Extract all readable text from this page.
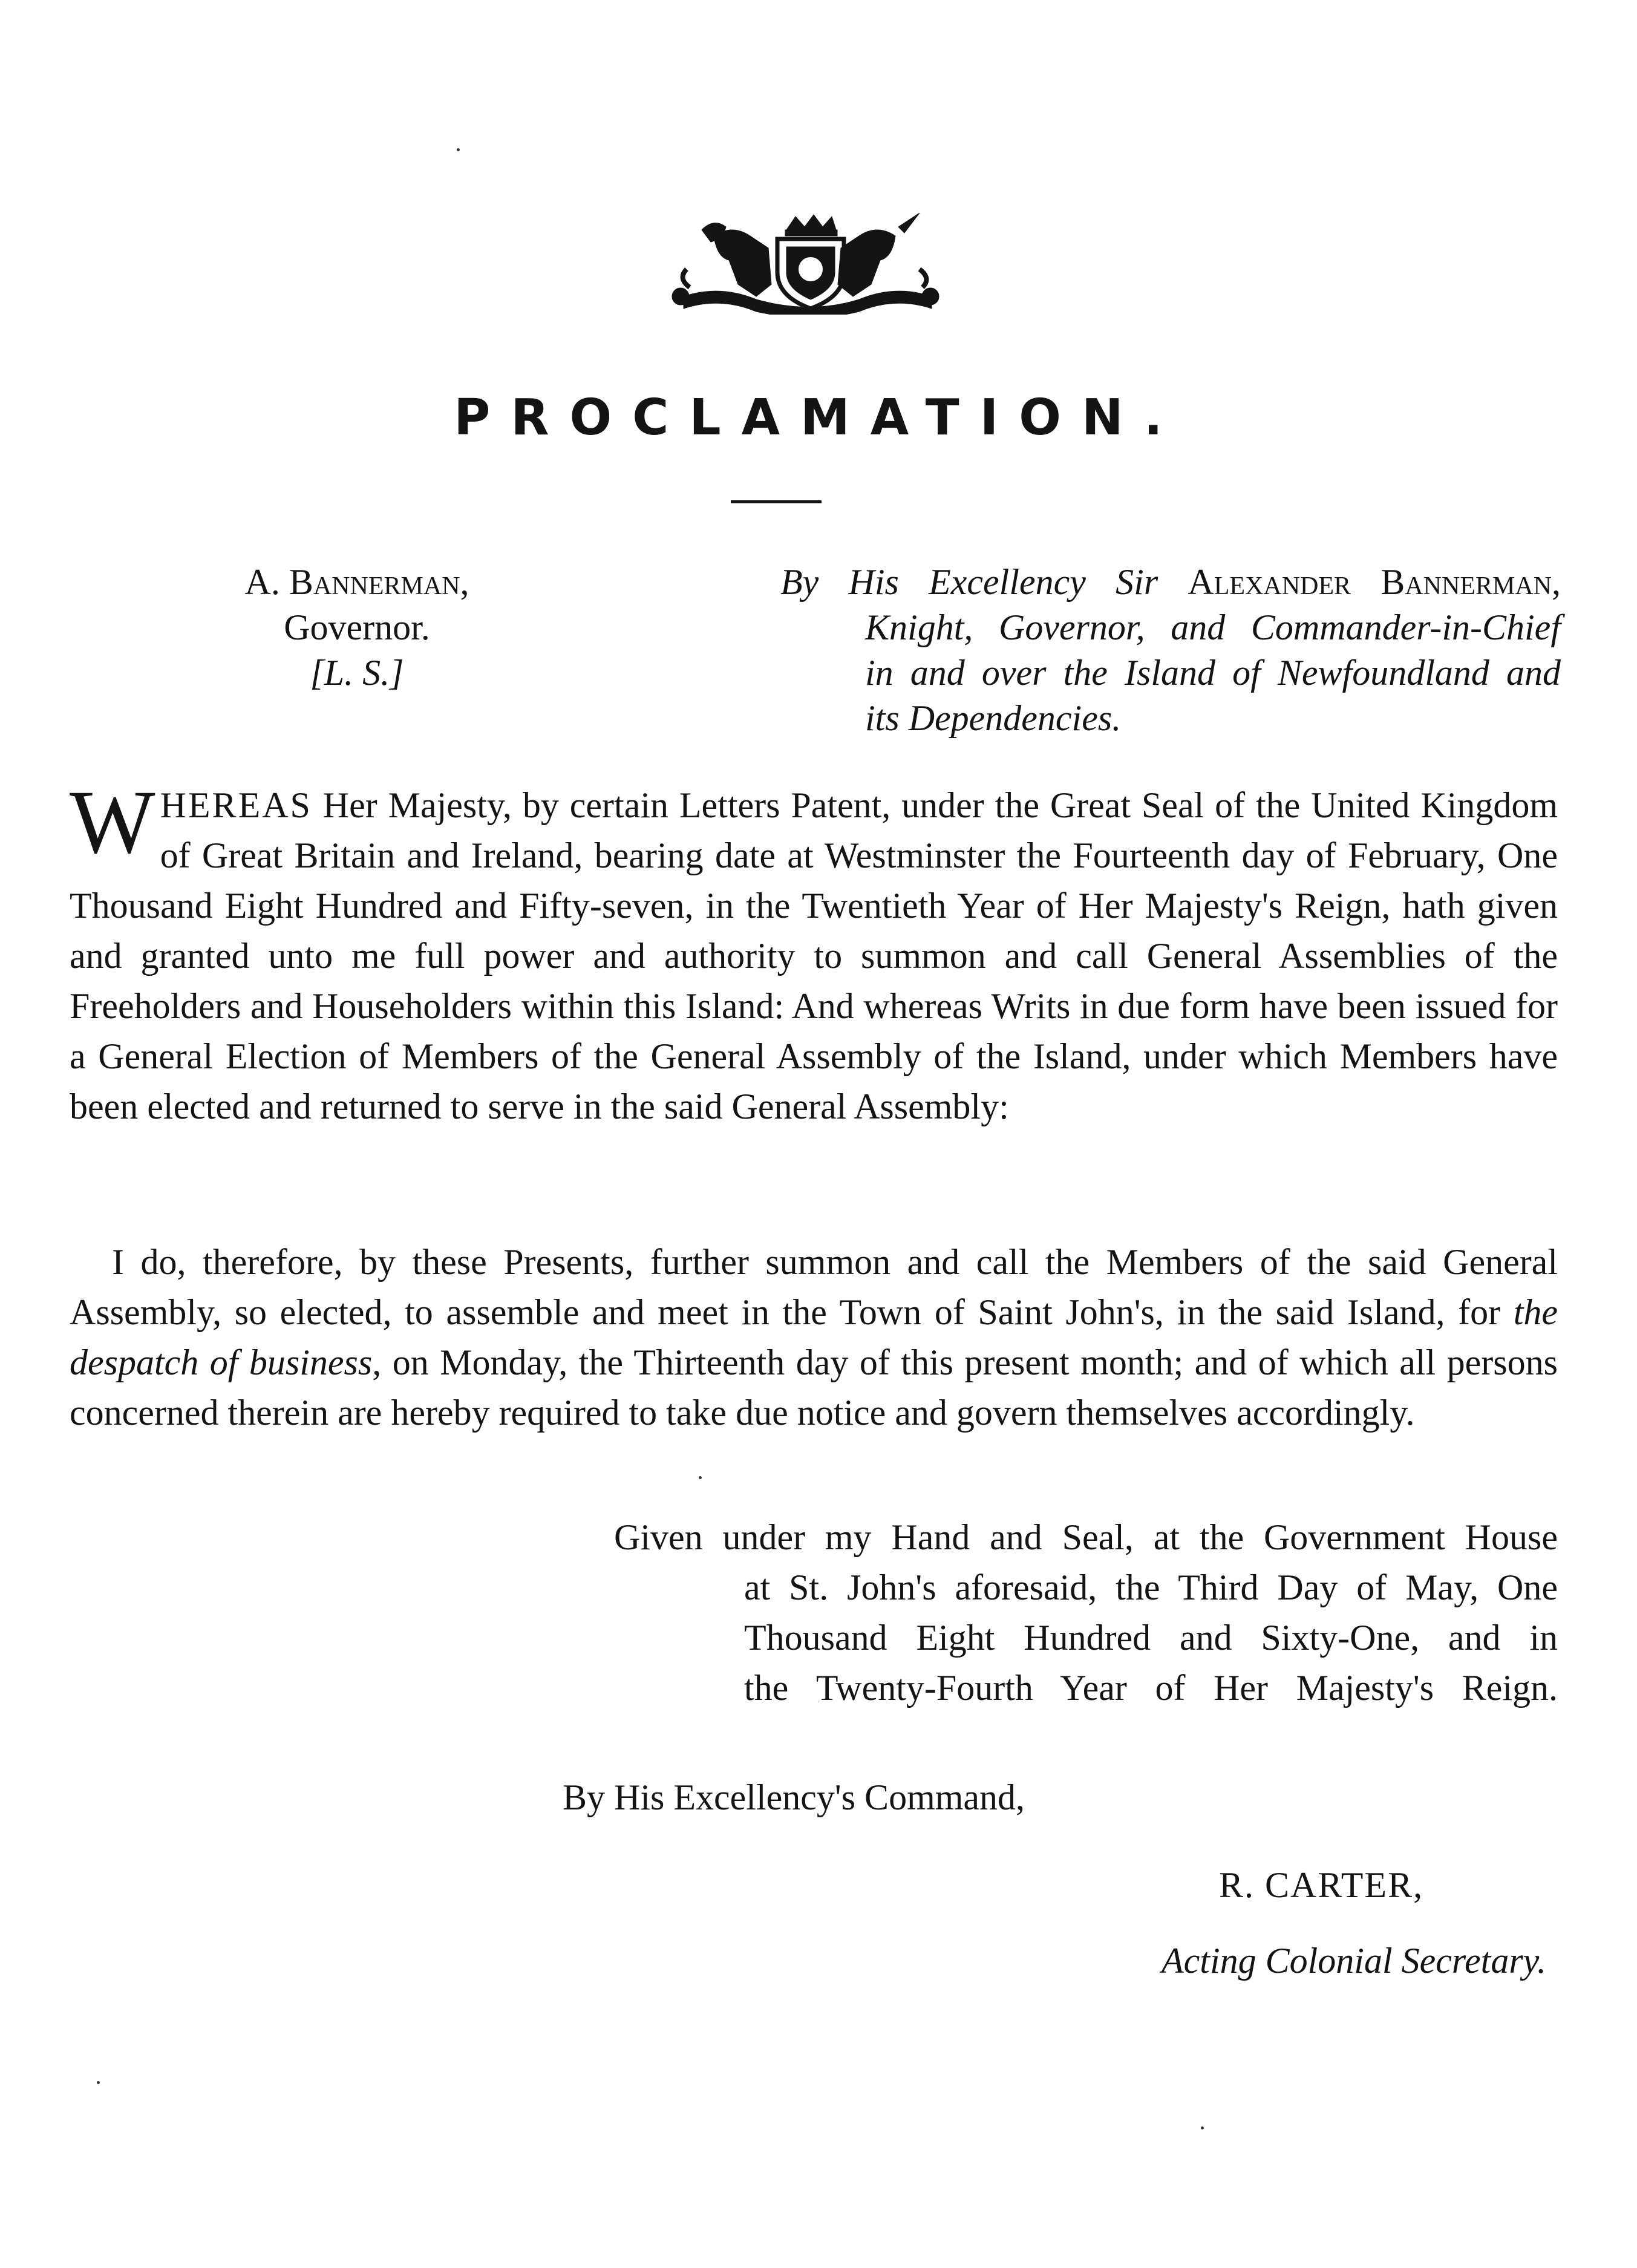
PROCLAMATION.
A. Bannerman,
Governor.
[L. S.]
By His Excellency Sir Alexander Bannerman,
Knight, Governor, and Commander-in-Chief
in and over the Island of Newfoundland and
its Dependencies.
WHEREAS Her Majesty, by certain Letters Patent, under the Great Seal of the United Kingdom of Great Britain and Ireland, bearing date at Westminster the Fourteenth day of February, One Thousand Eight Hundred and Fifty-seven, in the Twentieth Year of Her Majesty's Reign, hath given and granted unto me full power and authority to summon and call General Assemblies of the Freeholders and Householders within this Island: And whereas Writs in due form have been issued for a General Election of Members of the General Assembly of the Island, under which Members have been elected and returned to serve in the said General Assembly:
I do, therefore, by these Presents, further summon and call the Members of the said General Assembly, so elected, to assemble and meet in the Town of Saint John's, in the said Island, for the despatch of business, on Monday, the Thirteenth day of this present month; and of which all persons concerned therein are hereby required to take due notice and govern themselves accordingly.
Given under my Hand and Seal, at the Government House
at St. John's aforesaid, the Third Day of May, One
Thousand Eight Hundred and Sixty-One, and in
the Twenty-Fourth Year of Her Majesty's Reign.
By His Excellency's Command,
R. CARTER,
Acting Colonial Secretary.
